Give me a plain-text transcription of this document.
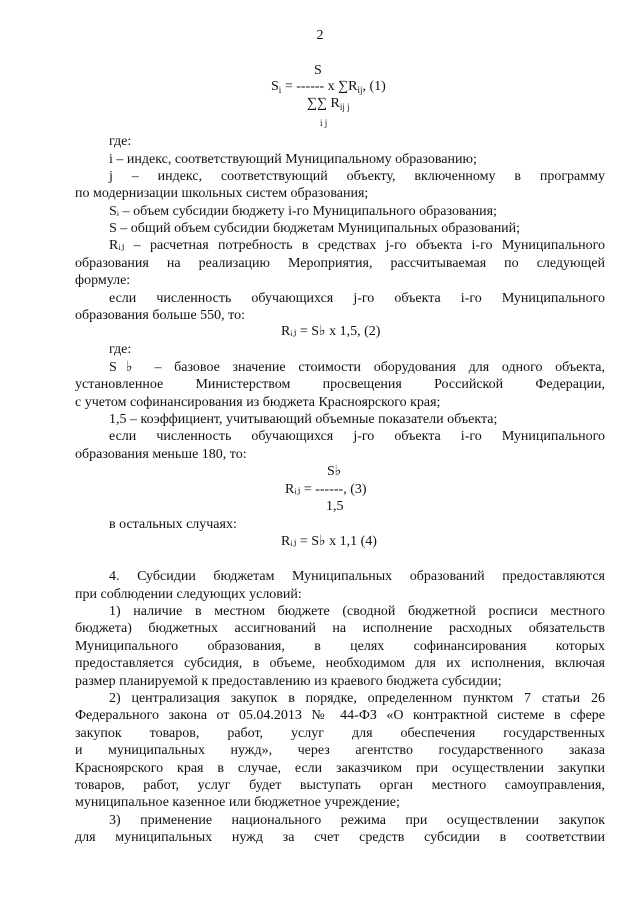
2
S
$S_i$ = ------ x $\sum R_{ij}$, (1)
∑∑ $R_{ij j}$
i j
где:
i – индекс, соответствующий Муниципальному образованию;
j – индекс, соответствующий объекту, включенному в программу
по модернизации школьных систем образования;
Sᵢ – объем субсидии бюджету i-го Муниципального образования;
S – общий объем субсидии бюджетам Муниципальных образований;
Rᵢⱼ – расчетная потребность в средствах j-го объекта i-го Муниципального
образования на реализацию Мероприятия, рассчитываемая по следующей
формуле:
если численность обучающихся j-го объекта i-го Муниципального
образования больше 550, то:
Rᵢⱼ = S♭ x 1,5, (2)
где:
S♭ – базовое значение стоимости оборудования для одного объекта,
установленное Министерством просвещения Российской Федерации,
с учетом софинансирования из бюджета Красноярского края;
1,5 – коэффициент, учитывающий объемные показатели объекта;
если численность обучающихся j-го объекта i-го Муниципального
образования меньше 180, то:
S♭
Rᵢⱼ = ------, (3)
1,5
в остальных случаях:
Rᵢⱼ = S♭ x 1,1 (4)
4. Субсидии бюджетам Муниципальных образований предоставляются
при соблюдении следующих условий:
1) наличие в местном бюджете (сводной бюджетной росписи местного
бюджета) бюджетных ассигнований на исполнение расходных обязательств
Муниципального образования, в целях софинансирования которых
предоставляется субсидия, в объеме, необходимом для их исполнения, включая
размер планируемой к предоставлению из краевого бюджета субсидии;
2) централизация закупок в порядке, определенном пунктом 7 статьи 26
Федерального закона от 05.04.2013 № 44-ФЗ «О контрактной системе в сфере
закупок товаров, работ, услуг для обеспечения государственных
и муниципальных нужд», через агентство государственного заказа
Красноярского края в случае, если заказчиком при осуществлении закупки
товаров, работ, услуг будет выступать орган местного самоуправления,
муниципальное казенное или бюджетное учреждение;
3) применение национального режима при осуществлении закупок
для муниципальных нужд за счет средств субсидии в соответствии
